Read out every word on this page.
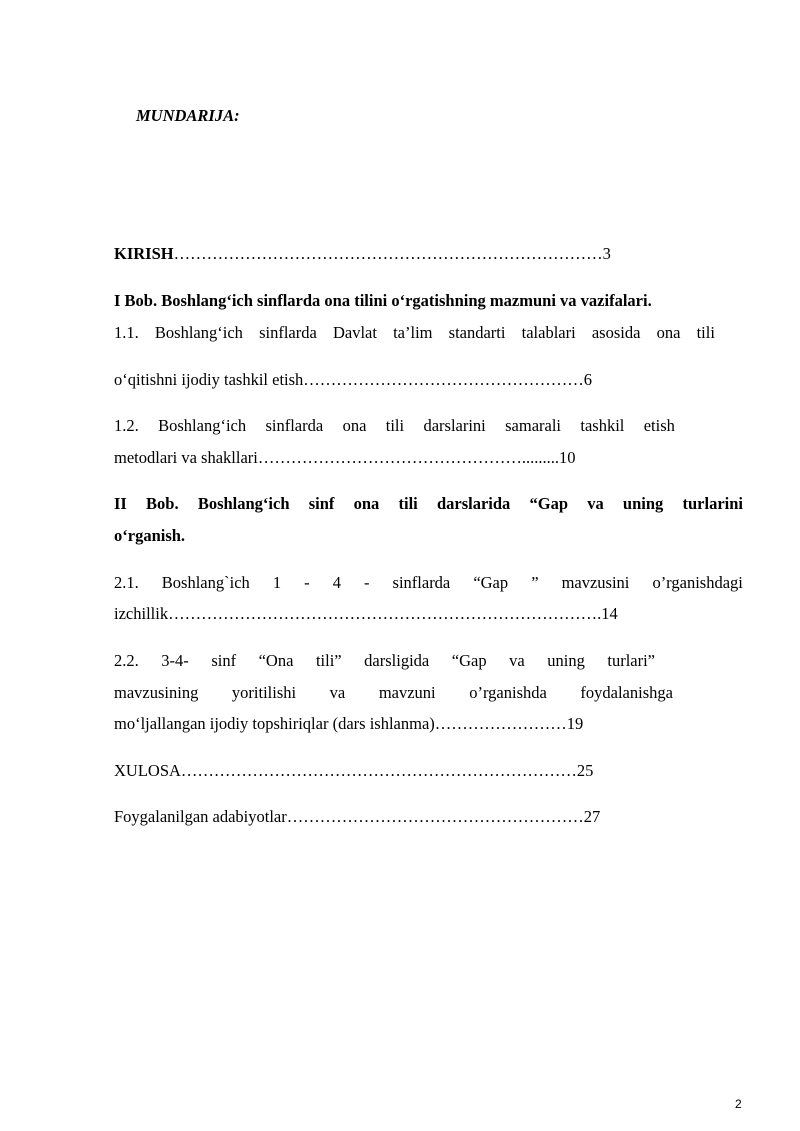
MUNDARIJA:
KIRISH……………………………………………………………………3
I Bob. Boshlang‘ich sinflarda ona tilini o‘rgatishning mazmuni va vazifalari.
1.1. Boshlang‘ich sinflarda Davlat ta’lim standarti talablari asosida ona tili
o‘qitishni ijodiy tashkil etish……………………………………………6
1.2. Boshlang‘ich sinflarda ona tili darslarini samarali tashkil etish
metodlari va shakllari………………………………………….........10
II Bob. Boshlang‘ich sinf ona tili darslarida “Gap va uning turlarini
o‘rganish.
2.1. Boshlang`ich 1 - 4 - sinflarda “Gap ” mavzusini o’rganishdagi
izchillik…………………………………………………………………….14
2.2. 3-4- sinf “Ona tili” darsligida “Gap va uning turlari”
mavzusining yoritilishi va mavzuni o’rganishda foydalanishga
mo‘ljallangan ijodiy topshiriqlar (dars ishlanma)……………………19
XULOSA………………………………………………………………25
Foygalanilgan adabiyotlar………………………………………………27
2
